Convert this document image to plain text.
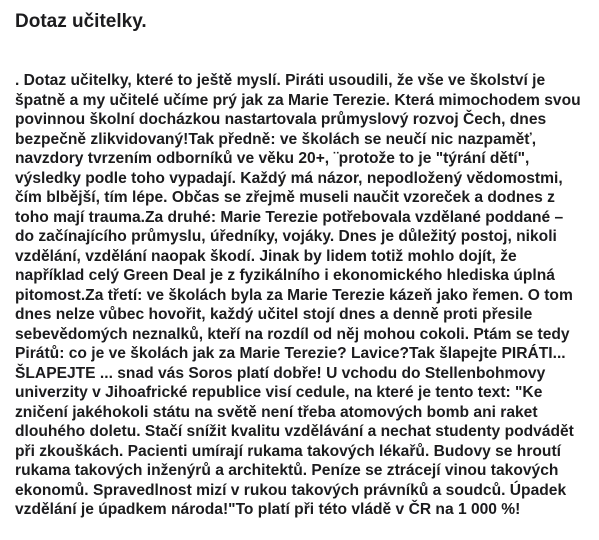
Dotaz učitelky.
. Dotaz učitelky, které to ještě myslí. Piráti usoudili, že vše ve školství je
špatně a my učitelé učíme prý jak za Marie Terezie. Která mimochodem svou
povinnou školní docházkou nastartovala průmyslový rozvoj Čech, dnes
bezpečně zlikvidovaný!Tak předně: ve školách se neučí nic nazpaměť,
navzdory tvrzením odborníků ve věku 20+, ¨protože to je "týrání dětí",
výsledky podle toho vypadají. Každý má názor, nepodložený vědomostmi,
čím blbější, tím lépe. Občas se zřejmě museli naučit vzoreček a dodnes z
toho mají trauma.Za druhé: Marie Terezie potřebovala vzdělané poddané –
do začínajícího průmyslu, úředníky, vojáky. Dnes je důležitý postoj, nikoli
vzdělání, vzdělání naopak škodí. Jinak by lidem totiž mohlo dojít, že
například celý Green Deal je z fyzikálního i ekonomického hlediska úplná
pitomost.Za třetí: ve školách byla za Marie Terezie kázeň jako řemen. O tom
dnes nelze vůbec hovořit, každý učitel stojí dnes a denně proti přesile
sebevědomých neznalků, kteří na rozdíl od něj mohou cokoli. Ptám se tedy
Pirátů: co je ve školách jak za Marie Terezie? Lavice?Tak šlapejte PIRÁTI...
ŠLAPEJTE ... snad vás Soros platí dobře! U vchodu do Stellenbohmovy
univerzity v Jihoafrické republice visí cedule, na které je tento text: "Ke
zničení jakéhokoli státu na světě není třeba atomových bomb ani raket
dlouhého doletu. Stačí snížit kvalitu vzdělávání a nechat studenty podvádět
při zkouškách. Pacienti umírají rukama takových lékařů. Budovy se hroutí
rukama takových inženýrů a architektů. Peníze se ztrácejí vinou takových
ekonomů. Spravedlnost mizí v rukou takových právníků a soudců. Úpadek
vzdělání je úpadkem národa!"To platí při této vládě v ČR na 1 000 %!
